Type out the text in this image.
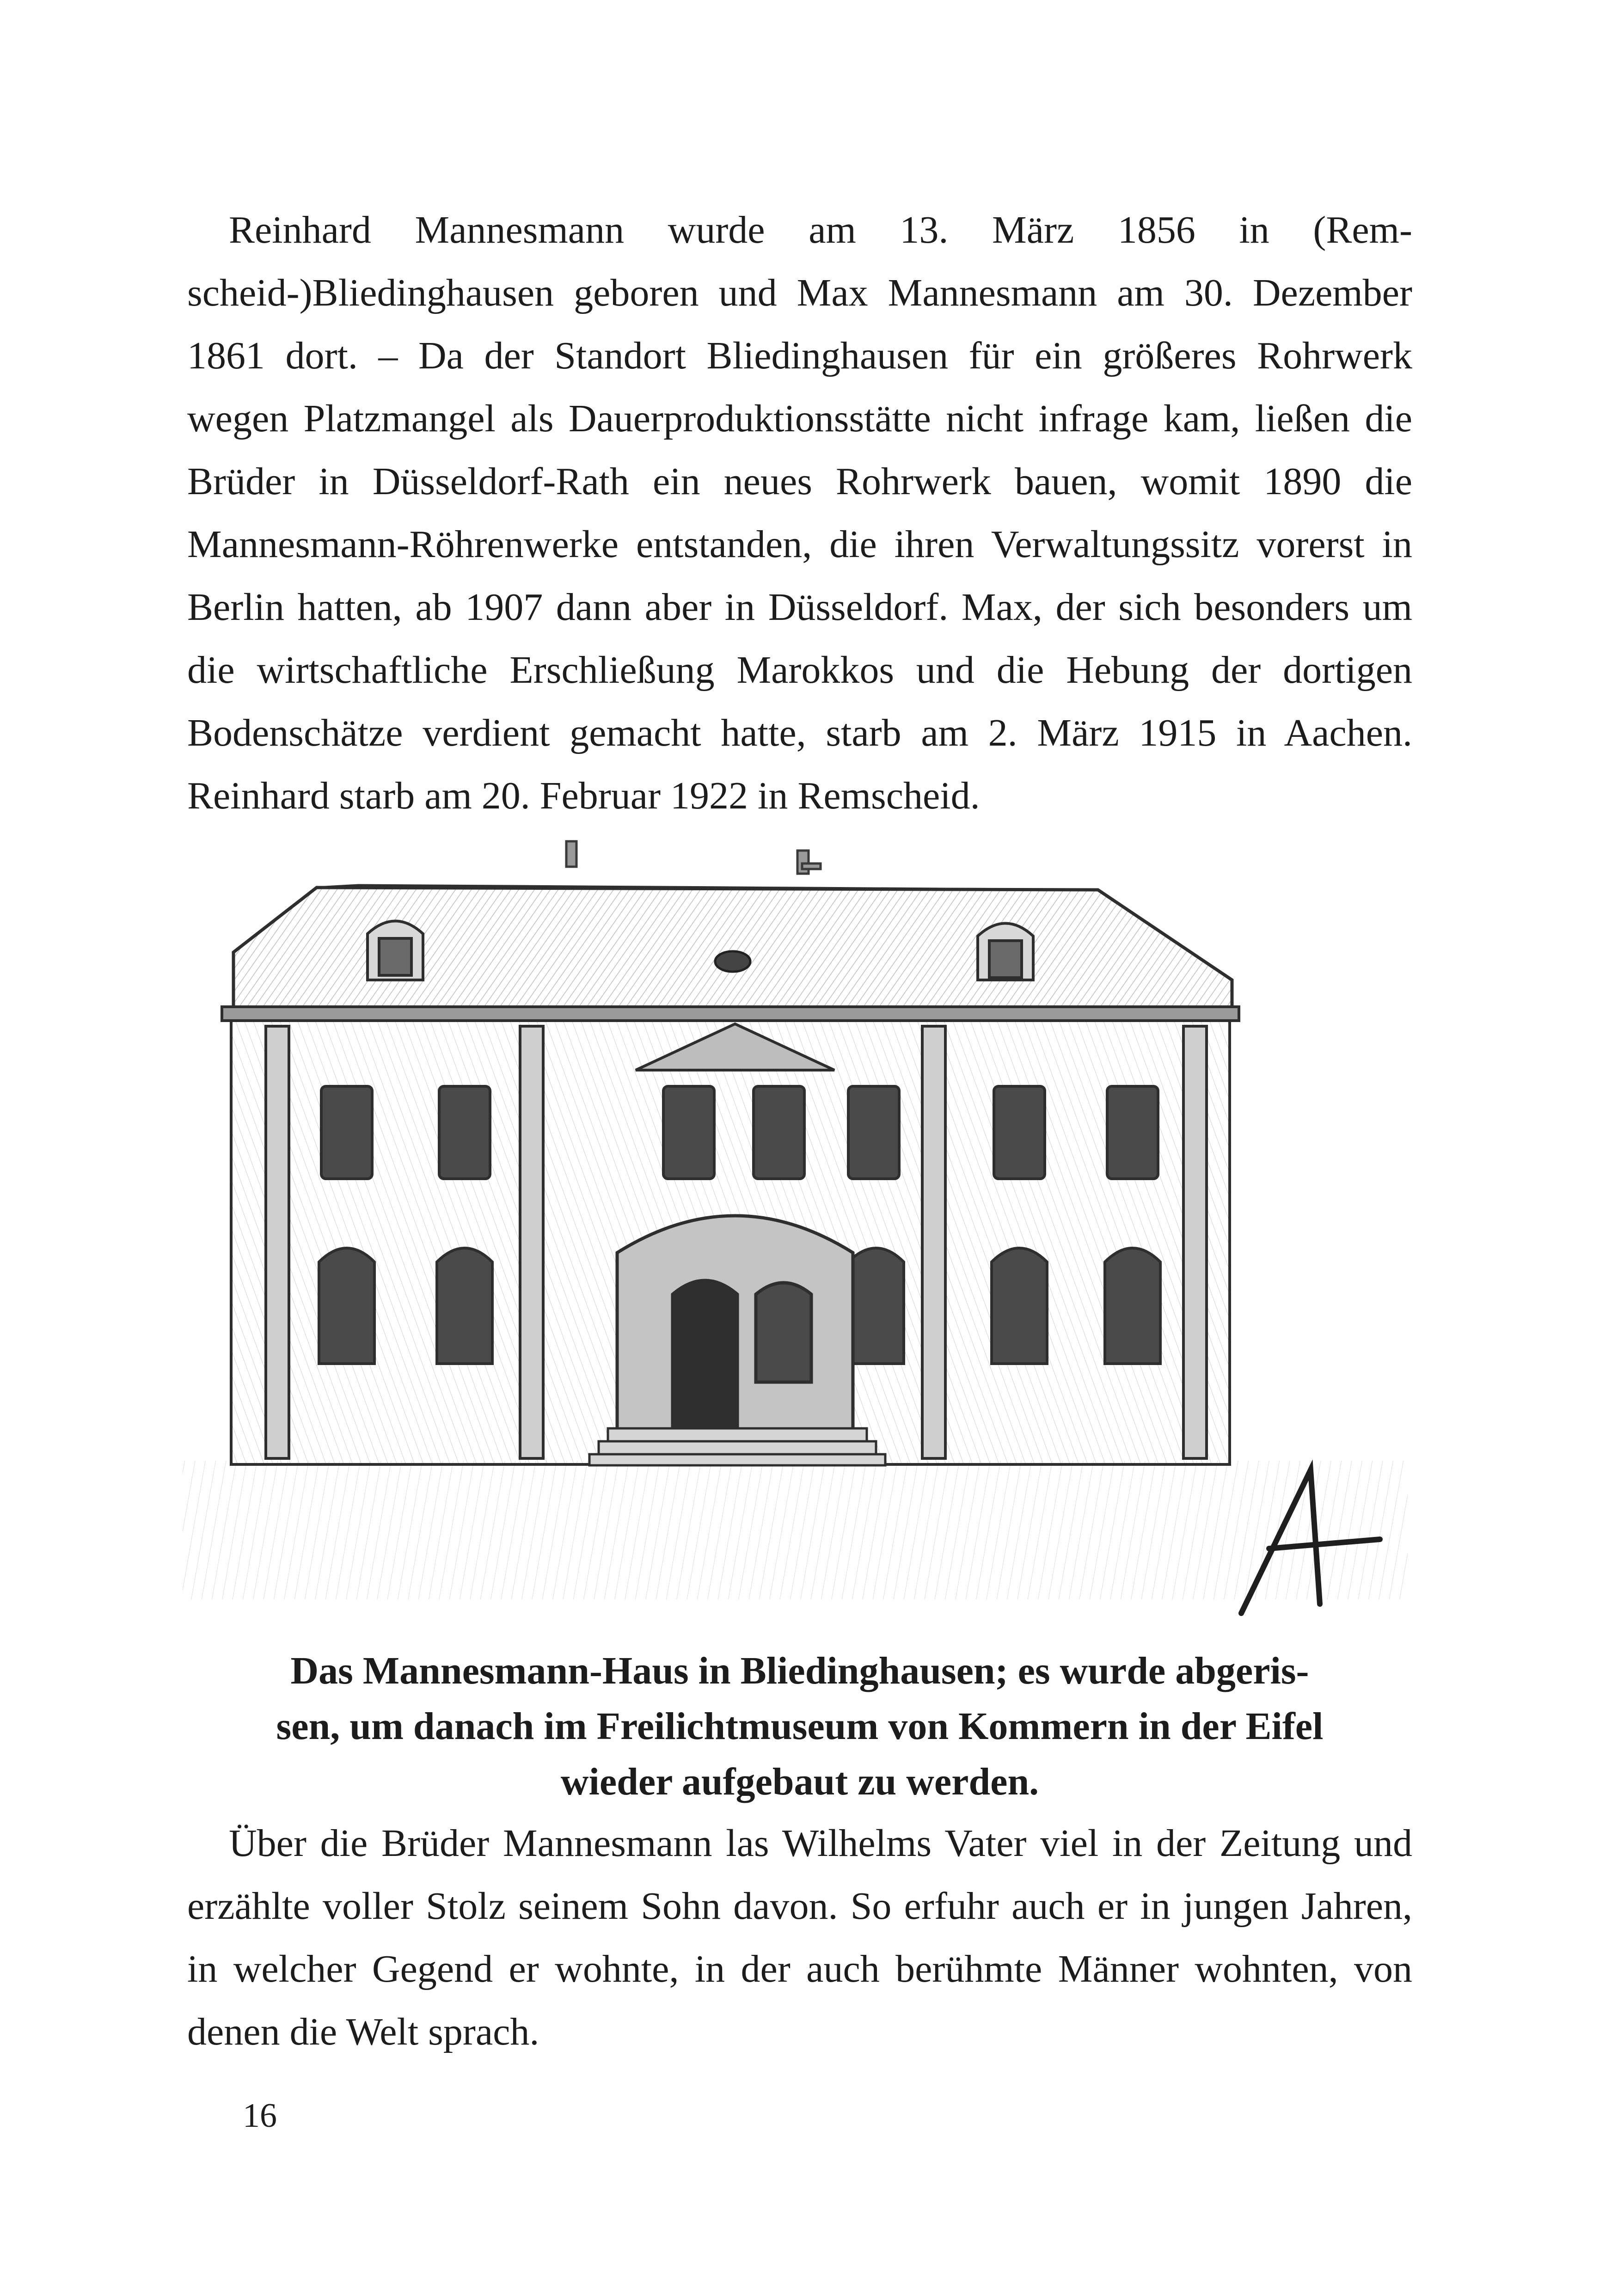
Reinhard Mannesmann wurde am 13. März 1856 in (Remscheid-)Bliedinghausen geboren und Max Mannesmann am 30. Dezember 1861 dort. – Da der Standort Bliedinghausen für ein größeres Rohrwerk wegen Platzmangel als Dauerproduktionsstätte nicht infrage kam, ließen die Brüder in Düsseldorf-Rath ein neues Rohrwerk bauen, womit 1890 die Mannesmann-Röhrenwerke entstanden, die ihren Verwaltungssitz vorerst in Berlin hatten, ab 1907 dann aber in Düsseldorf. Max, der sich besonders um die wirtschaftliche Erschließung Marokkos und die Hebung der dortigen Bodenschätze verdient gemacht hatte, starb am 2. März 1915 in Aachen. Reinhard starb am 20. Februar 1922 in Remscheid.

Das Mannesmann-Haus in Bliedinghausen; es wurde abgeris-
sen, um danach im Freilichtmuseum von Kommern in der Eifel
wieder aufgebaut zu werden.

Über die Brüder Mannesmann las Wilhelms Vater viel in der Zeitung und erzählte voller Stolz seinem Sohn davon. So erfuhr auch er in jungen Jahren, in welcher Gegend er wohnte, in der auch berühmte Männer wohnten, von denen die Welt sprach.

16
